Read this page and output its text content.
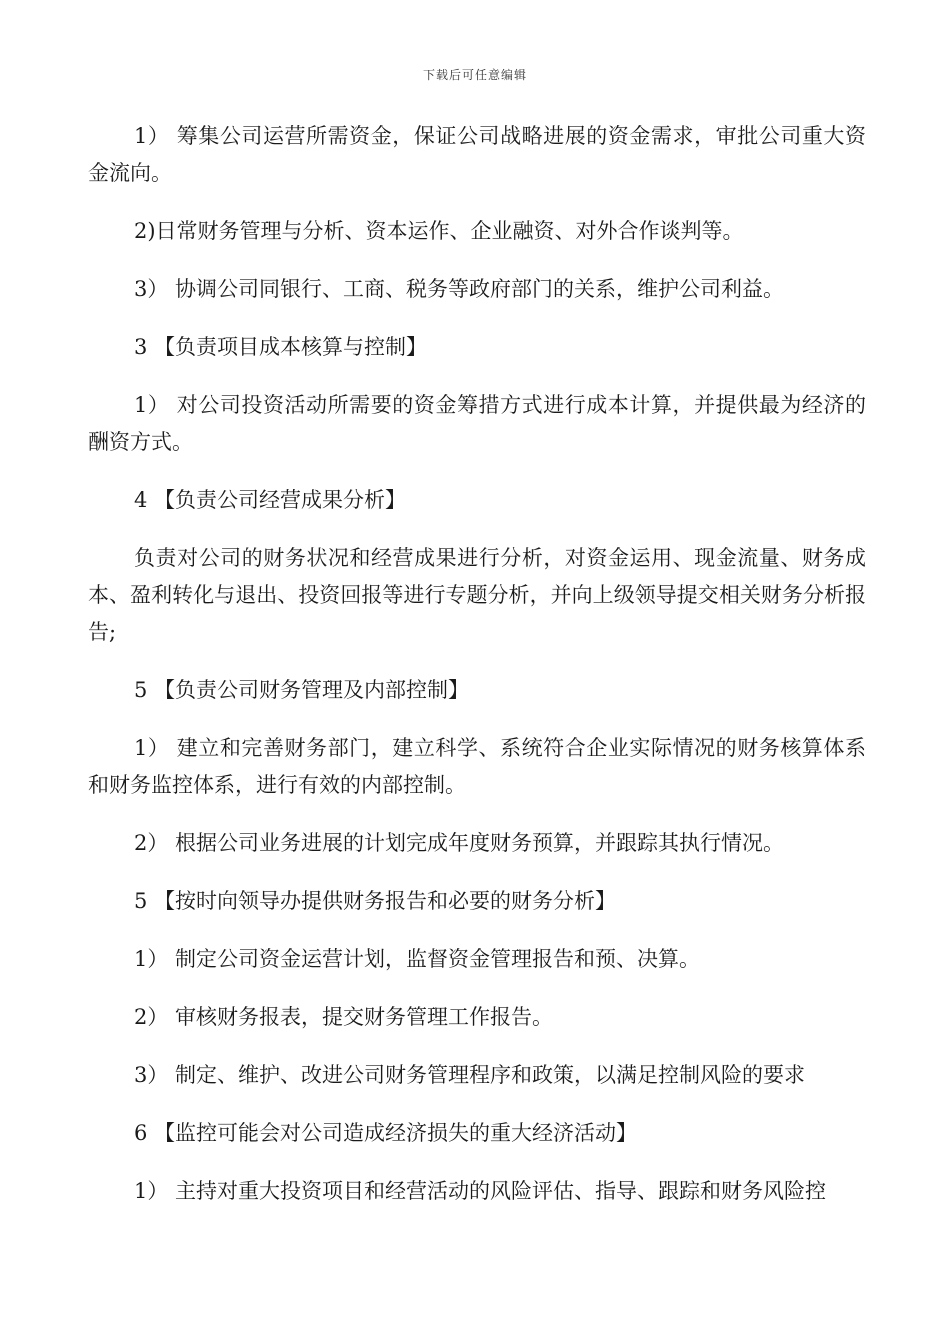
下载后可任意编辑

1） 筹集公司运营所需资金，保证公司战略进展的资金需求，审批公司重大资金流向。

2)日常财务管理与分析、资本运作、企业融资、对外合作谈判等。

3） 协调公司同银行、工商、税务等政府部门的关系，维护公司利益。

3 【负责项目成本核算与控制】

1） 对公司投资活动所需要的资金筹措方式进行成本计算，并提供最为经济的酬资方式。

4 【负责公司经营成果分析】

负责对公司的财务状况和经营成果进行分析，对资金运用、现金流量、财务成本、盈利转化与退出、投资回报等进行专题分析，并向上级领导提交相关财务分析报告;

5 【负责公司财务管理及内部控制】

1） 建立和完善财务部门，建立科学、系统符合企业实际情况的财务核算体系和财务监控体系，进行有效的内部控制。

2） 根据公司业务进展的计划完成年度财务预算，并跟踪其执行情况。

5 【按时向领导办提供财务报告和必要的财务分析】

1） 制定公司资金运营计划，监督资金管理报告和预、决算。

2） 审核财务报表，提交财务管理工作报告。

3） 制定、维护、改进公司财务管理程序和政策，以满足控制风险的要求

6 【监控可能会对公司造成经济损失的重大经济活动】

1） 主持对重大投资项目和经营活动的风险评估、指导、跟踪和财务风险控
